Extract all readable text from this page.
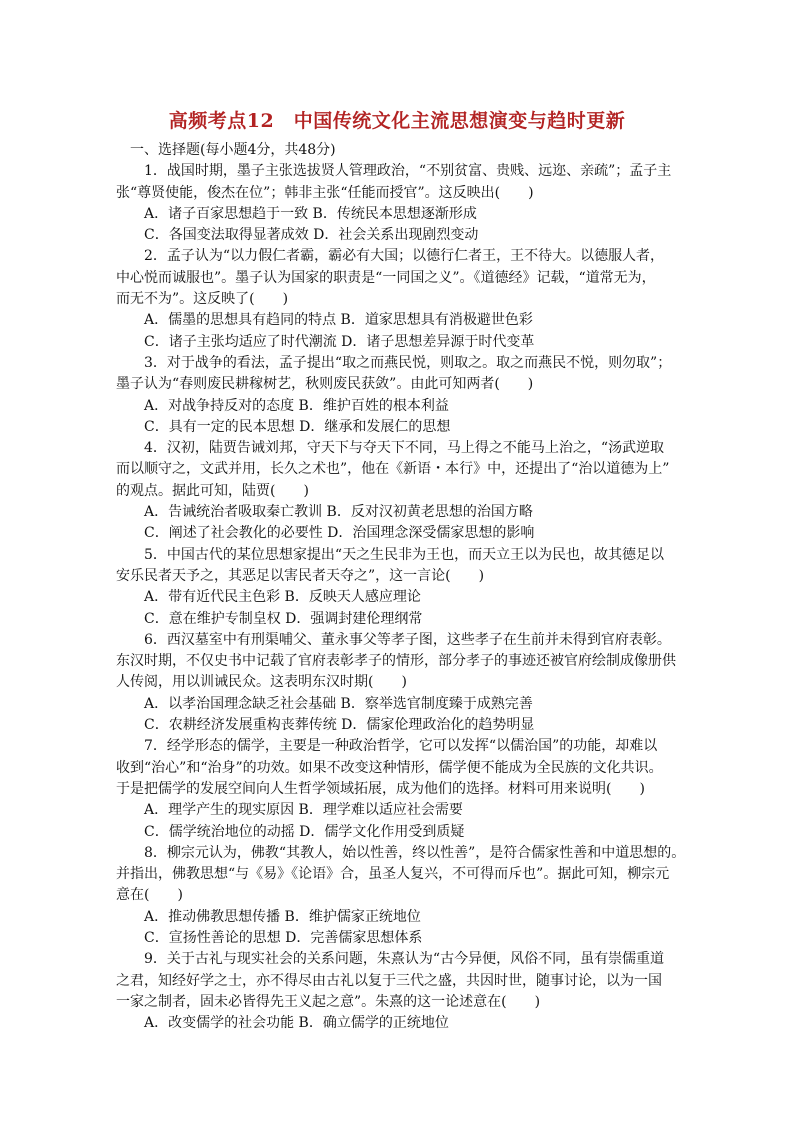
高频考点12　中国传统文化主流思想演变与趋时更新
一、选择题(每小题4分，共48分)
1．战国时期，墨子主张选拔贤人管理政治，“不别贫富、贵贱、远迩、亲疏”；孟子主
张“尊贤使能，俊杰在位”；韩非主张“任能而授官”。这反映出(　　)
A．诸子百家思想趋于一致 B．传统民本思想逐渐形成
C．各国变法取得显著成效 D．社会关系出现剧烈变动
2．孟子认为“以力假仁者霸，霸必有大国；以德行仁者王，王不待大。以德服人者，
中心悦而诚服也”。墨子认为国家的职责是“一同国之义”。《道德经》记载，“道常无为，
而无不为”。这反映了(　　)
A．儒墨的思想具有趋同的特点 B．道家思想具有消极避世色彩
C．诸子主张均适应了时代潮流 D．诸子思想差异源于时代变革
3．对于战争的看法，孟子提出“取之而燕民悦，则取之。取之而燕民不悦，则勿取”；
墨子认为“春则废民耕稼树艺，秋则废民获敛”。由此可知两者(　　)
A．对战争持反对的态度 B．维护百姓的根本利益
C．具有一定的民本思想 D．继承和发展仁的思想
4．汉初，陆贾告诫刘邦，守天下与夺天下不同，马上得之不能马上治之，“汤武逆取
而以顺守之，文武并用，长久之术也”，他在《新语・本行》中，还提出了“治以道德为上”
的观点。据此可知，陆贾(　　)
A．告诫统治者吸取秦亡教训 B．反对汉初黄老思想的治国方略
C．阐述了社会教化的必要性 D．治国理念深受儒家思想的影响
5．中国古代的某位思想家提出“天之生民非为王也，而天立王以为民也，故其德足以
安乐民者天予之，其恶足以害民者天夺之”，这一言论(　　)
A．带有近代民主色彩 B．反映天人感应理论
C．意在维护专制皇权 D．强调封建伦理纲常
6．西汉墓室中有刑渠哺父、董永事父等孝子图，这些孝子在生前并未得到官府表彰。
东汉时期，不仅史书中记载了官府表彰孝子的情形，部分孝子的事迹还被官府绘制成像册供
人传阅，用以训诫民众。这表明东汉时期(　　)
A．以孝治国理念缺乏社会基础 B．察举选官制度臻于成熟完善
C．农耕经济发展重构丧葬传统 D．儒家伦理政治化的趋势明显
7．经学形态的儒学，主要是一种政治哲学，它可以发挥“以儒治国”的功能，却难以
收到“治心”和“治身”的功效。如果不改变这种情形，儒学便不能成为全民族的文化共识。
于是把儒学的发展空间向人生哲学领域拓展，成为他们的选择。材料可用来说明(　　)
A．理学产生的现实原因 B．理学难以适应社会需要
C．儒学统治地位的动摇 D．儒学文化作用受到质疑
8．柳宗元认为，佛教“其教人，始以性善，终以性善”，是符合儒家性善和中道思想的。
并指出，佛教思想“与《易》《论语》合，虽圣人复兴，不可得而斥也”。据此可知，柳宗元
意在(　　)
A．推动佛教思想传播 B．维护儒家正统地位
C．宣扬性善论的思想 D．完善儒家思想体系
9．关于古礼与现实社会的关系问题，朱熹认为“古今异便，风俗不同，虽有崇儒重道
之君，知经好学之士，亦不得尽由古礼以复于三代之盛，共因时世，随事讨论，以为一国
一家之制者，固未必皆得先王义起之意”。朱熹的这一论述意在(　　)
A．改变儒学的社会功能 B．确立儒学的正统地位
